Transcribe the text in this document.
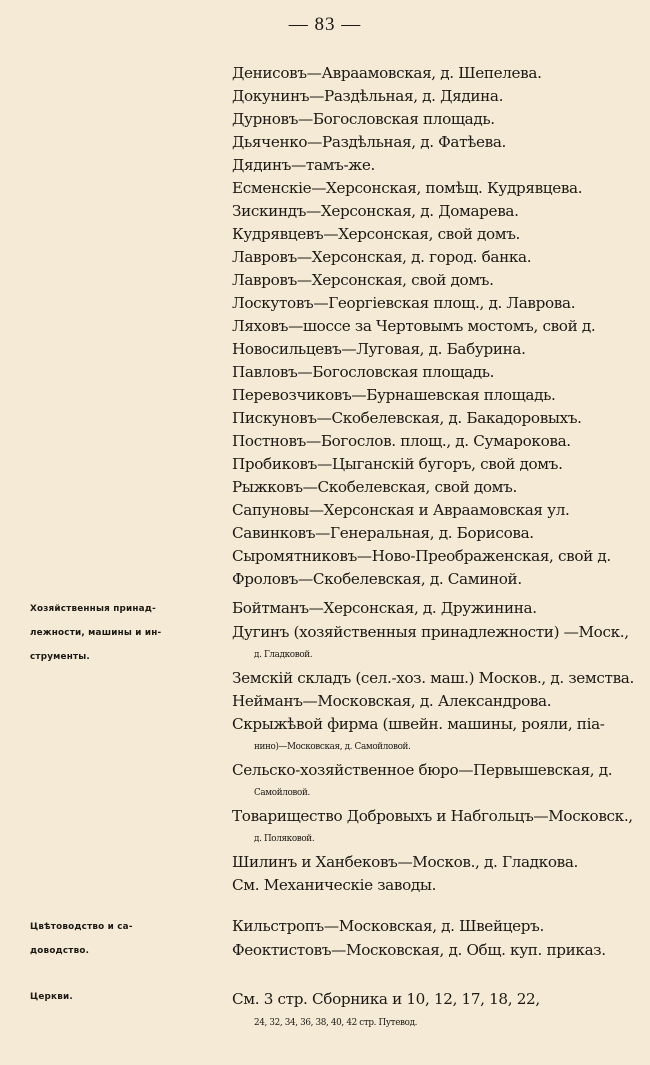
— 83 —
Денисовъ—Авраамовская, д. Шепелева.
Докунинъ—Раздѣльная, д. Дядина.
Дурновъ—Богословская площадь.
Дьяченко—Раздѣльная, д. Фатѣева.
Дядинъ—тамъ-же.
Есменскіе—Херсонская, помѣщ. Кудрявцева.
Зискиндъ—Херсонская, д. Домарева.
Кудрявцевъ—Херсонская, свой домъ.
Лавровъ—Херсонская, д. город. банка.
Лавровъ—Херсонская, свой домъ.
Лоскутовъ—Георгіевская площ., д. Лаврова.
Ляховъ—шоссе за Чертовымъ мостомъ, свой д.
Новосильцевъ—Луговая, д. Бабурина.
Павловъ—Богословская площадь.
Перевозчиковъ—Бурнашевская площадь.
Пискуновъ—Скобелевская, д. Бакадоровыхъ.
Постновъ—Богослов. площ., д. Сумарокова.
Пробиковъ—Цыганскій бугоръ, свой домъ.
Рыжковъ—Скобелевская, свой домъ.
Сапуновы—Херсонская и Авраамовская ул.
Савинковъ—Генеральная, д. Борисова.
Сыромятниковъ—Ново-Преображенская, свой д.
Фроловъ—Скобелевская, д. Саминой.
Хозяйственныя принад-
лежности, машины и ин-
струменты.
Бойтманъ—Херсонская, д. Дружинина.
Дугинъ (хозяйственныя принадлежности) —Моск.,
д. Гладковой.
Земскій складъ (сел.-хоз. маш.) Москов., д. земства.
Нейманъ—Московская, д. Александрова.
Скрыжѣвой фирма (швейн. машины, рояли, піа-
нино)—Московская, д. Самойловой.
Сельско-хозяйственное бюро—Первышевская, д.
Самойловой.
Товарищество Добровыхъ и Набгольцъ—Московск.,
д. Поляковой.
Шилинъ и Ханбековъ—Москов., д. Гладкова.
См. Механическіе заводы.
Цвѣтоводство и са-
доводство.
Кильстропъ—Московская, д. Швейцеръ.
Феоктистовъ—Московская, д. Общ. куп. приказ.
Церкви.	См. 3 стр. Сборника и 10, 12, 17, 18, 22,
24, 32, 34, 36, 38, 40, 42 стр. Путевод.
